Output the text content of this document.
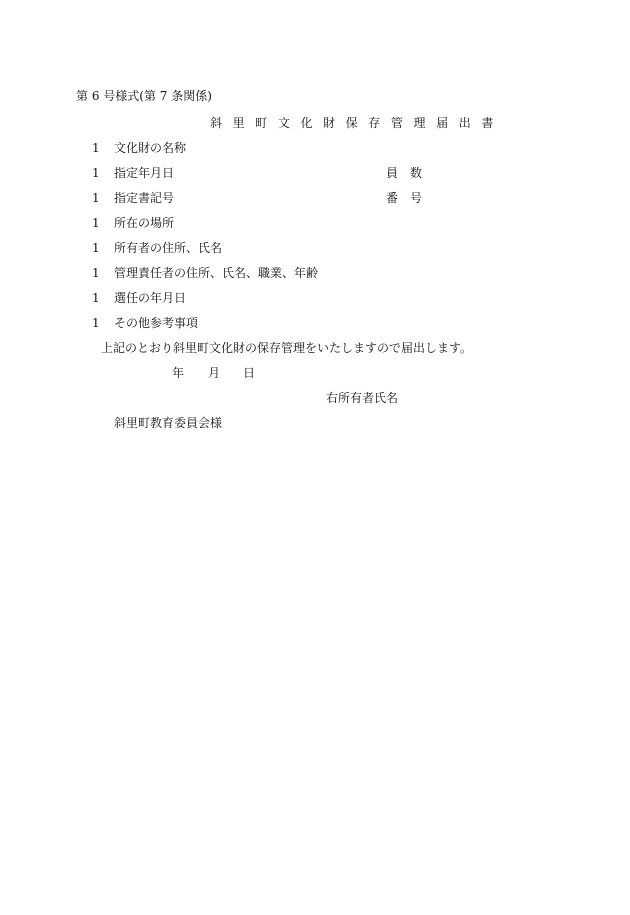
第 6 号様式(第 7 条関係)
斜 里 町 文 化 財 保 存 管 理 届 出 書
1 文化財の名称
1 指定年月日	員　数
1 指定書記号	番　号
1 所在の場所
1 所有者の住所、氏名
1 管理責任者の住所、氏名、職業、年齢
1 選任の年月日
1 その他参考事項
上記のとおり斜里町文化財の保存管理をいたしますので届出します。
年 月 日
右所有者氏名
斜里町教育委員会様
